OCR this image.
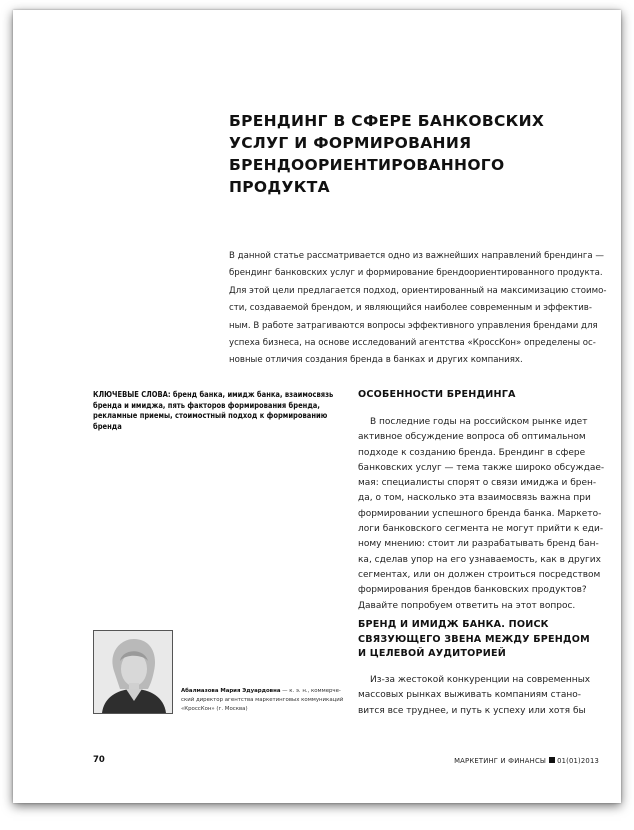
БРЕНДИНГ В СФЕРЕ БАНКОВСКИХ
УСЛУГ И ФОРМИРОВАНИЯ
БРЕНДООРИЕНТИРОВАННОГО ПРОДУКТА
В данной статье рассматривается одно из важнейших направлений брендинга —
брендинг банковских услуг и формирование брендоориентированного продукта.
Для этой цели предлагается подход, ориентированный на максимизацию стоимо-
сти, создаваемой брендом, и являющийся наиболее современным и эффектив-
ным. В работе затрагиваются вопросы эффективного управления брендами для
успеха бизнеса, на основе исследований агентства «КроссКон» определены ос-
новные отличия создания бренда в банках и других компаниях.
КЛЮЧЕВЫЕ СЛОВА: бренд банка, имидж банка, взаимосвязь
бренда и имиджа, пять факторов формирования бренда,
рекламные приемы, стоимостный подход к формированию
бренда
ОСОБЕННОСТИ БРЕНДИНГА
В последние годы на российском рынке идет
активное обсуждение вопроса об оптимальном
подходе к созданию бренда. Брендинг в сфере
банковских услуг — тема также широко обсуждае-
мая: специалисты спорят о связи имиджа и брен-
да, о том, насколько эта взаимосвязь важна при
формировании успешного бренда банка. Маркето-
логи банковского сегмента не могут прийти к еди-
ному мнению: стоит ли разрабатывать бренд бан-
ка, сделав упор на его узнаваемость, как в других
сегментах, или он должен строиться посредством
формирования брендов банковских продуктов?
Давайте попробуем ответить на этот вопрос.
БРЕНД И ИМИДЖ БАНКА. ПОИСК
СВЯЗУЮЩЕГО ЗВЕНА МЕЖДУ БРЕНДОМ
И ЦЕЛЕВОЙ АУДИТОРИЕЙ
Из-за жестокой конкуренции на современных
массовых рынках выживать компаниям стано-
вится все труднее, и путь к успеху или хотя бы
Абалмазова Мария Эдуардовна — к. э. н., коммерче-
ский директор агентства маркетинговых коммуникаций
«КроссКон» (г. Москва)
70	МАРКЕТИНГ И ФИНАНСЫ 01(01)2013
